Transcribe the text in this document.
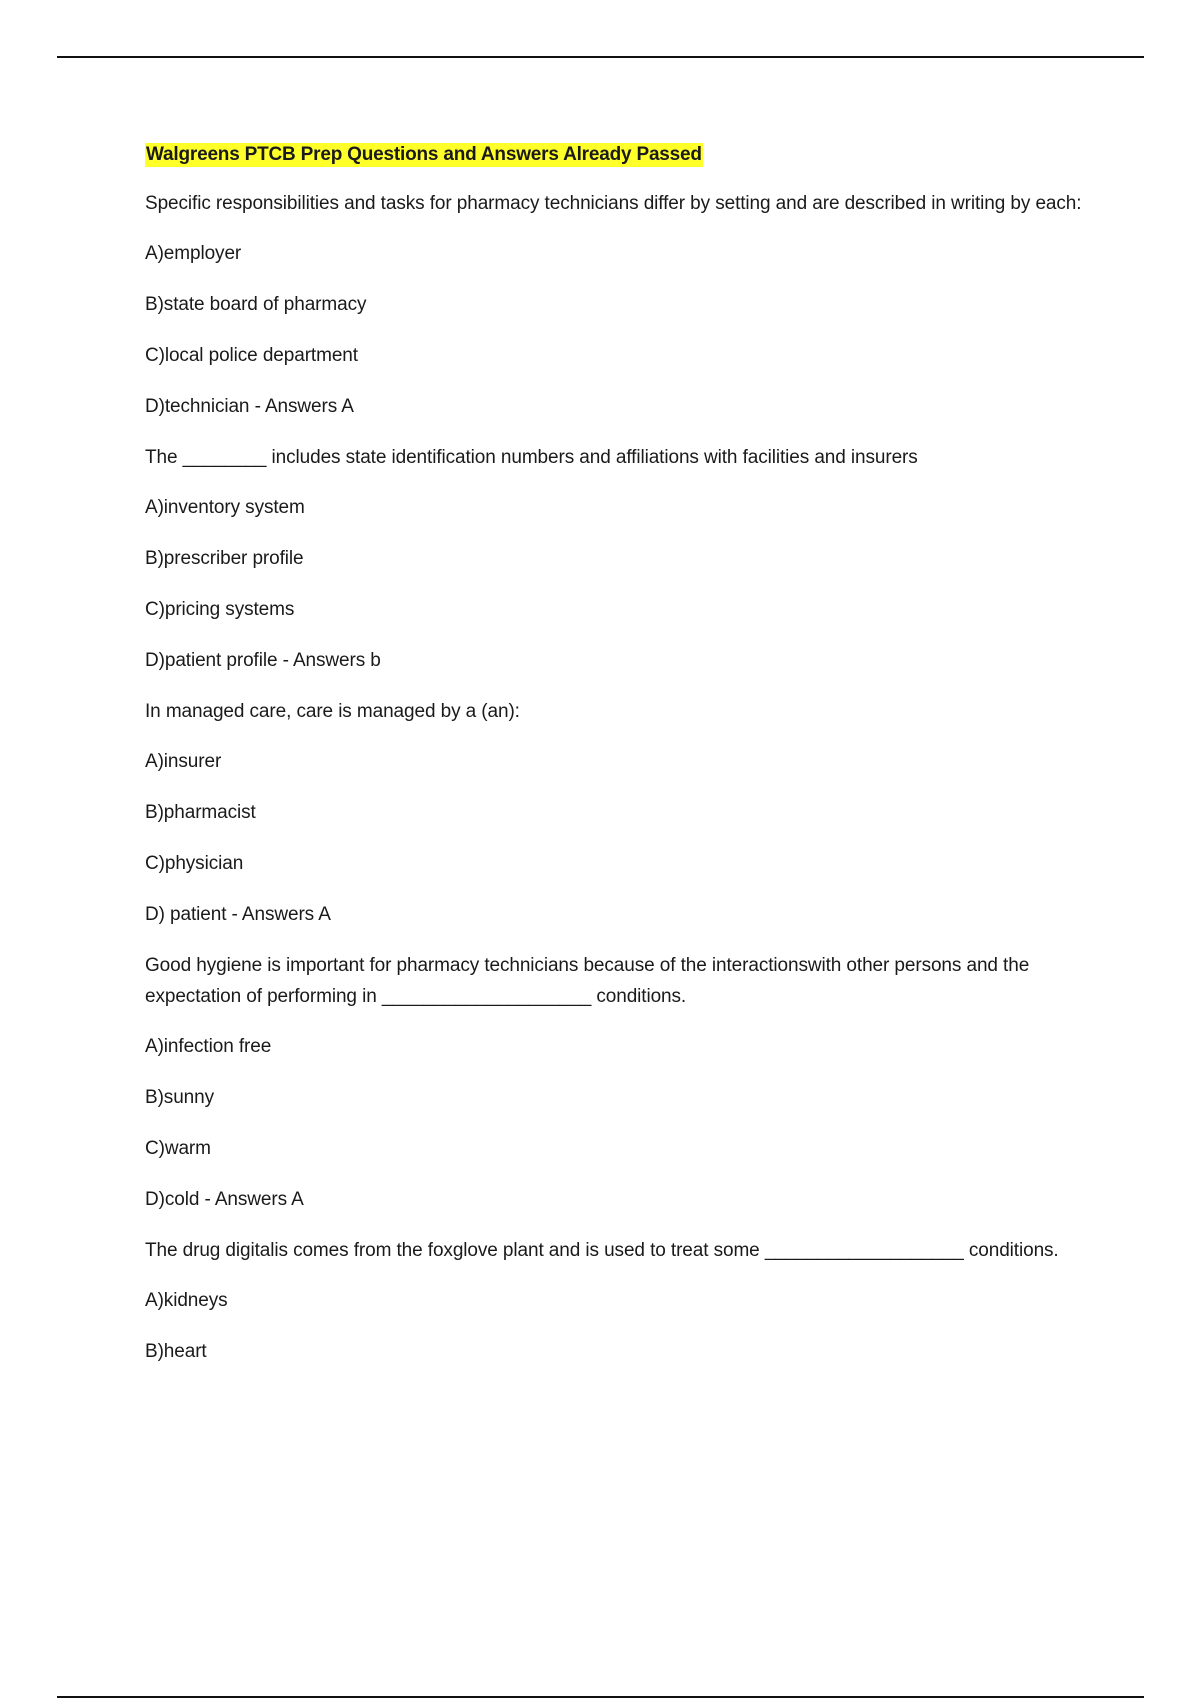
Walgreens PTCB Prep Questions and Answers Already Passed
Specific responsibilities and tasks for pharmacy technicians differ by setting and are described in writing by each:
A)employer
B)state board of pharmacy
C)local police department
D)technician - Answers A
The ________ includes state identification numbers and affiliations with facilities and insurers
A)inventory system
B)prescriber profile
C)pricing systems
D)patient profile - Answers b
In managed care, care is managed by a (an):
A)insurer
B)pharmacist
C)physician
D) patient - Answers A
Good hygiene is important for pharmacy technicians because of the interactionswith other persons and the expectation of performing in ____________________ conditions.
A)infection free
B)sunny
C)warm
D)cold - Answers A
The drug digitalis comes from the foxglove plant and is used to treat some ___________________ conditions.
A)kidneys
B)heart
